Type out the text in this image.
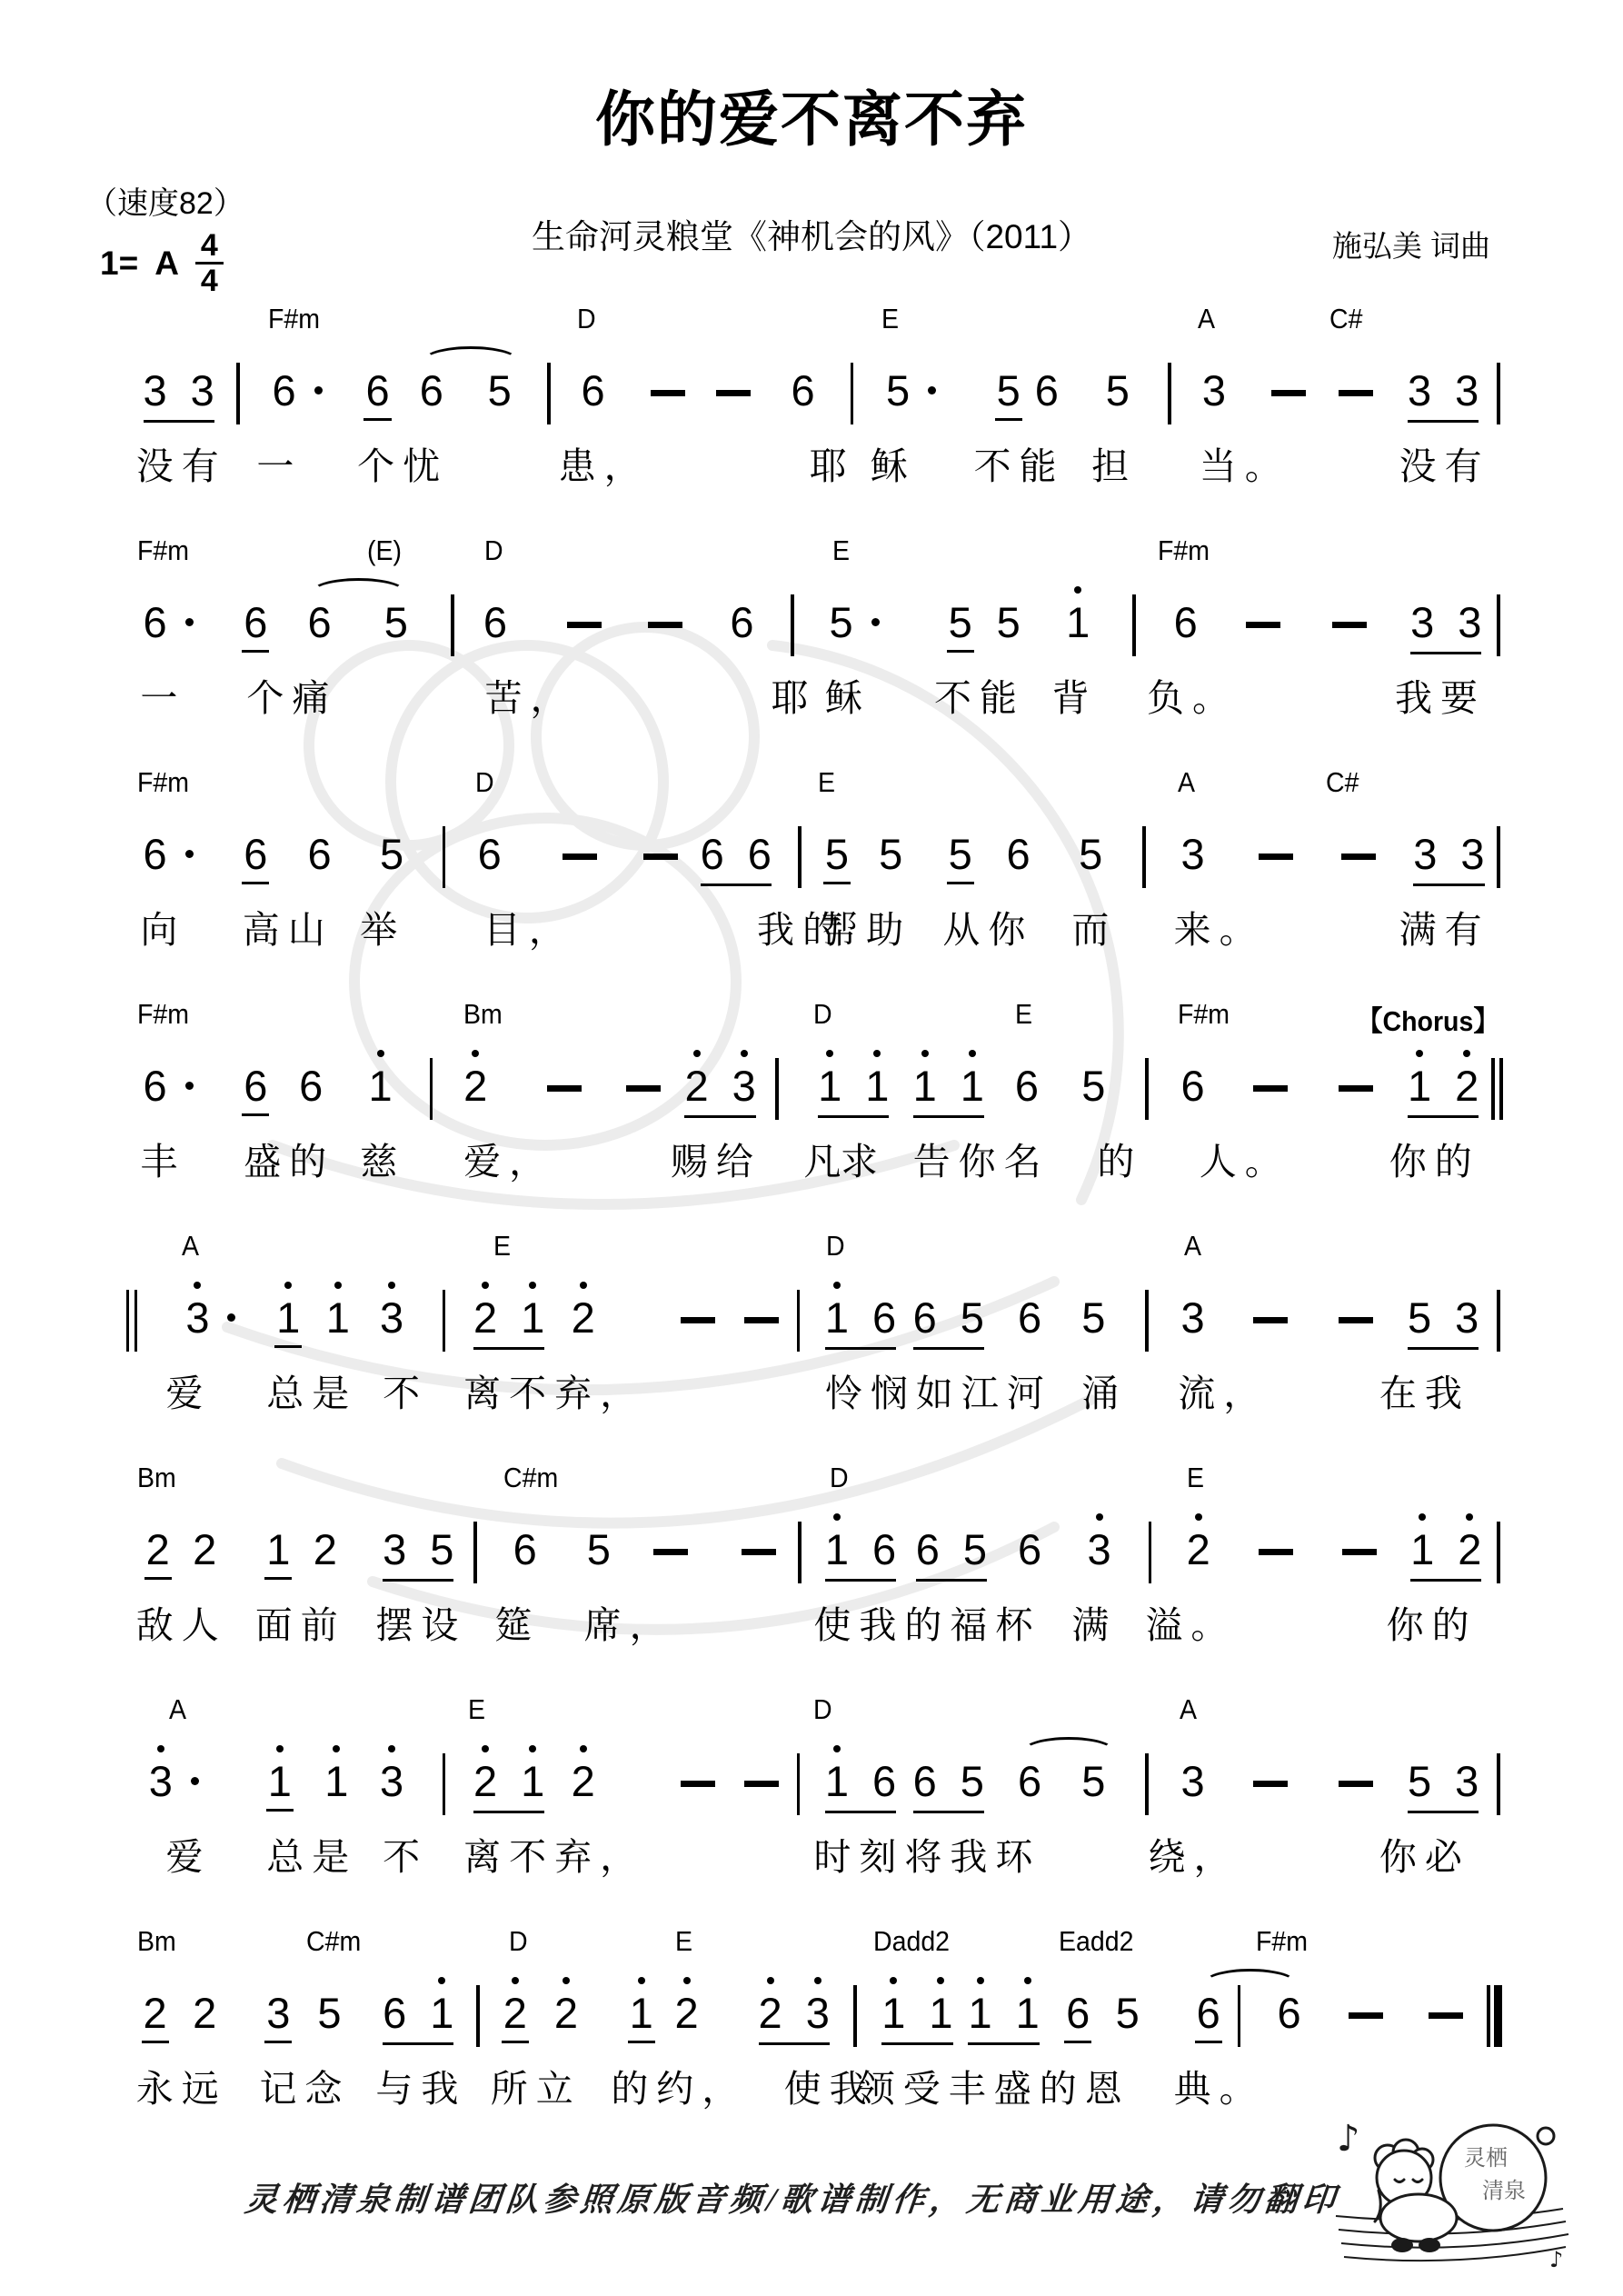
（速度82）
你的爱不离不弃
生命河灵粮堂《神机会的风》（2011）	施弘美 词曲
1= A $\frac{4}{4}$
F#m	D	E	A	C#
3 3 6 6 6 5 6	6 5 5 6 5 3	3 3
没有 一 个忧	患，	耶 稣 不能 担 当。	没有
F#m	(E)	D	E	F#m
6 6 6 5 6	6 5 5 5 1 6	3 3
一 个痛	苦，	耶 稣 不能 背 负。	我要
F#m	D	E	A	C#
6 6 6 5 6	6 6 5 5 5 6 5 3	3 3
向 高山 举 目，	我的
帮助 从你 而 来。	满有
F#m	Bm	D	E	F#m	【Chorus】
6 6 6 1 2	2 3 1 1 1 1 6 5 6	1 2
丰 盛的 慈 爱，	赐给 凡
求 告你名 的 人。	你的
A	E	D	A
3 1 1 3 2 1 2	1 6 6 5 6 5 3	5 3
爱 总是 不 离不弃，	怜悯如江河 涌 流，	在我
Bm	C#m	D	E
2 2 1 2 3 5 6 5	1 6 6 5 6 3 2	1 2
敌人 面前 摆设 筵 席，	使我的福杯 满 溢。	你的
A	E	D	A
3 1 1 3 2 1 2	1 6 6 5 6 5 3	5 3
爱 总是 不 离不弃，	时刻将我环	绕，	你必
Bm	C#m	D	E	Dadd2	Eadd2	F#m
2 2 3 5 6 1 2 2 1 2 2 3 1 1 1 1 6 5 6 6
永远 记念 与我 所立 的约， 使我
领受丰盛的恩 典。
灵栖清泉制谱团队参照原版音频/歌谱制作，无商业用途，请勿翻印
灵栖
清泉
♪
♪
